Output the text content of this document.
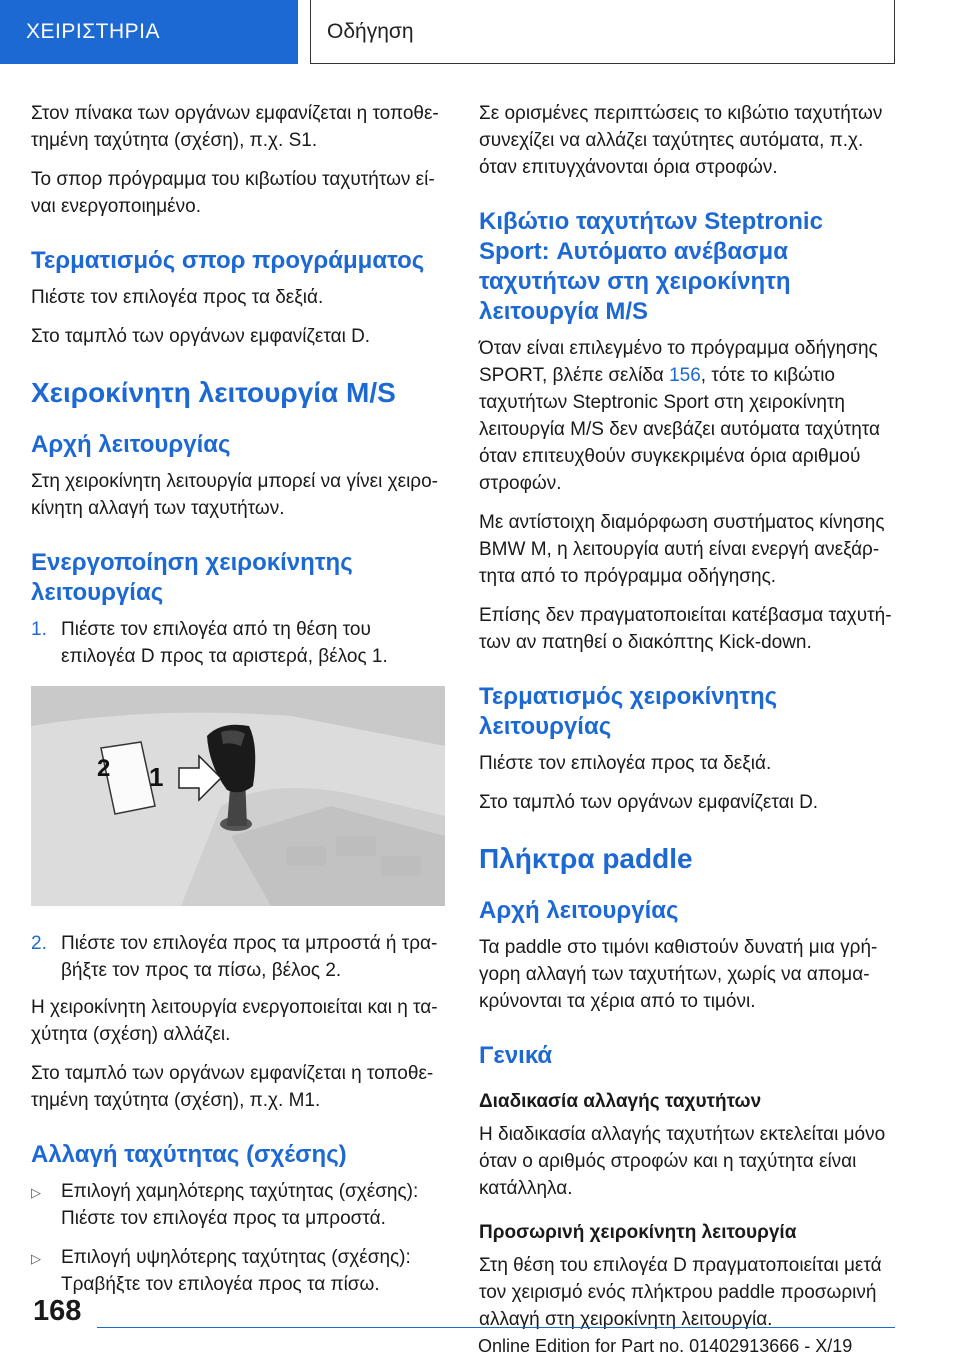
ΧΕΙΡΙΣΤΗΡΙΑ	Οδήγηση

Στον πίνακα των οργάνων εμφανίζεται η τοποθετημένη ταχύτητα (σχέση), π.χ. S1.

Το σπορ πρόγραμμα του κιβωτίου ταχυτήτων είναι ενεργοποιημένο.

Τερματισμός σπορ προγράμματος

Πιέστε τον επιλογέα προς τα δεξιά.

Στο ταμπλό των οργάνων εμφανίζεται D.

Χειροκίνητη λειτουργία M/S
Αρχή λειτουργίας

Στη χειροκίνητη λειτουργία μπορεί να γίνει χειροκίνητη αλλαγή των ταχυτήτων.

Ενεργοποίηση χειροκίνητης λειτουργίας
1. Πιέστε τον επιλογέα από τη θέση του επιλογέα D προς τα αριστερά, βέλος 1.
1
2
2. Πιέστε τον επιλογέα προς τα μπροστά ή τραβήξτε τον προς τα πίσω, βέλος 2.

Η χειροκίνητη λειτουργία ενεργοποιείται και η ταχύτητα (σχέση) αλλάζει.

Στο ταμπλό των οργάνων εμφανίζεται η τοποθετημένη ταχύτητα (σχέση), π.χ. M1.

Αλλαγή ταχύτητας (σχέσης)
▷	Επιλογή χαμηλότερης ταχύτητας (σχέσης): Πιέστε τον επιλογέα προς τα μπροστά.
▷	Επιλογή υψηλότερης ταχύτητας (σχέσης): Τραβήξτε τον επιλογέα προς τα πίσω.

Σε ορισμένες περιπτώσεις το κιβώτιο ταχυτήτων συνεχίζει να αλλάζει ταχύτητες αυτόματα, π.χ. όταν επιτυγχάνονται όρια στροφών.

Κιβώτιο ταχυτήτων Steptronic Sport: Αυτόματο ανέβασμα ταχυτήτων στη χειροκίνητη λειτουργία M/S

Όταν είναι επιλεγμένο το πρόγραμμα οδήγησης SPORT, βλέπε σελίδα 156, τότε το κιβώτιο ταχυτήτων Steptronic Sport στη χειροκίνητη λειτουργία M/S δεν ανεβάζει αυτόματα ταχύτητα όταν επιτευχθούν συγκεκριμένα όρια αριθμού στροφών.

Με αντίστοιχη διαμόρφωση συστήματος κίνησης BMW M, η λειτουργία αυτή είναι ενεργή ανεξάρτητα από το πρόγραμμα οδήγησης.

Επίσης δεν πραγματοποιείται κατέβασμα ταχυτήτων αν πατηθεί ο διακόπτης Kick-down.

Τερματισμός χειροκίνητης λειτουργίας

Πιέστε τον επιλογέα προς τα δεξιά.

Στο ταμπλό των οργάνων εμφανίζεται D.

Πλήκτρα paddle
Αρχή λειτουργίας

Τα paddle στο τιμόνι καθιστούν δυνατή μια γρήγορη αλλαγή των ταχυτήτων, χωρίς να απομακρύνονται τα χέρια από το τιμόνι.

Γενικά
Διαδικασία αλλαγής ταχυτήτων

Η διαδικασία αλλαγής ταχυτήτων εκτελείται μόνο όταν ο αριθμός στροφών και η ταχύτητα είναι κατάλληλα.

Προσωρινή χειροκίνητη λειτουργία

Στη θέση του επιλογέα D πραγματοποιείται μετά τον χειρισμό ενός πλήκτρου paddle προσωρινή αλλαγή στη χειροκίνητη λειτουργία.

168
Online Edition for Part no. 01402913666 - X/19
